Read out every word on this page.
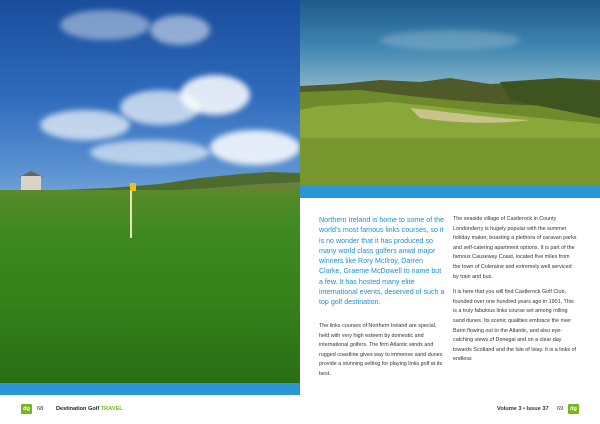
Northern Ireland is home to some of the world’s most famous links courses, so it is no wonder that it has produced so many world class golfers anwd major winners like Rory McIlroy, Darren Clarke, Graeme McDowell to name but a few. It has hosted many elite international events, deserved of such a top golf destination.

The links courses of Northern Ireland are special, held with very high esteem by domestic and international golfers. The firm Atlantic winds and rugged coastline gives way to immense sand dunes provide a stunning setting for playing links golf at its best.

The seaside village of Castlerock in County Londonderry is hugely popular with the summer holiday maker, boasting a plethora of caravan parks and self-catering apartment options. It is part of the famous Causeway Coast, located five miles from the town of Coleraine and extremely well serviced by train and bus.

It is here that you will find Castlerock Golf Club, founded over one hundred years ago in 1901. This is a truly fabulous links course set among rolling sand dunes. Its scenic qualities embrace the river Bann flowing out to the Atlantic, and also eye-catching views of Donegal and on a clear day towards Scotland and the Isle of Islay. It is a links of endless

dg	68 Destination Golf TRAVEL	Volume 3 • Issue 37 69	dg
